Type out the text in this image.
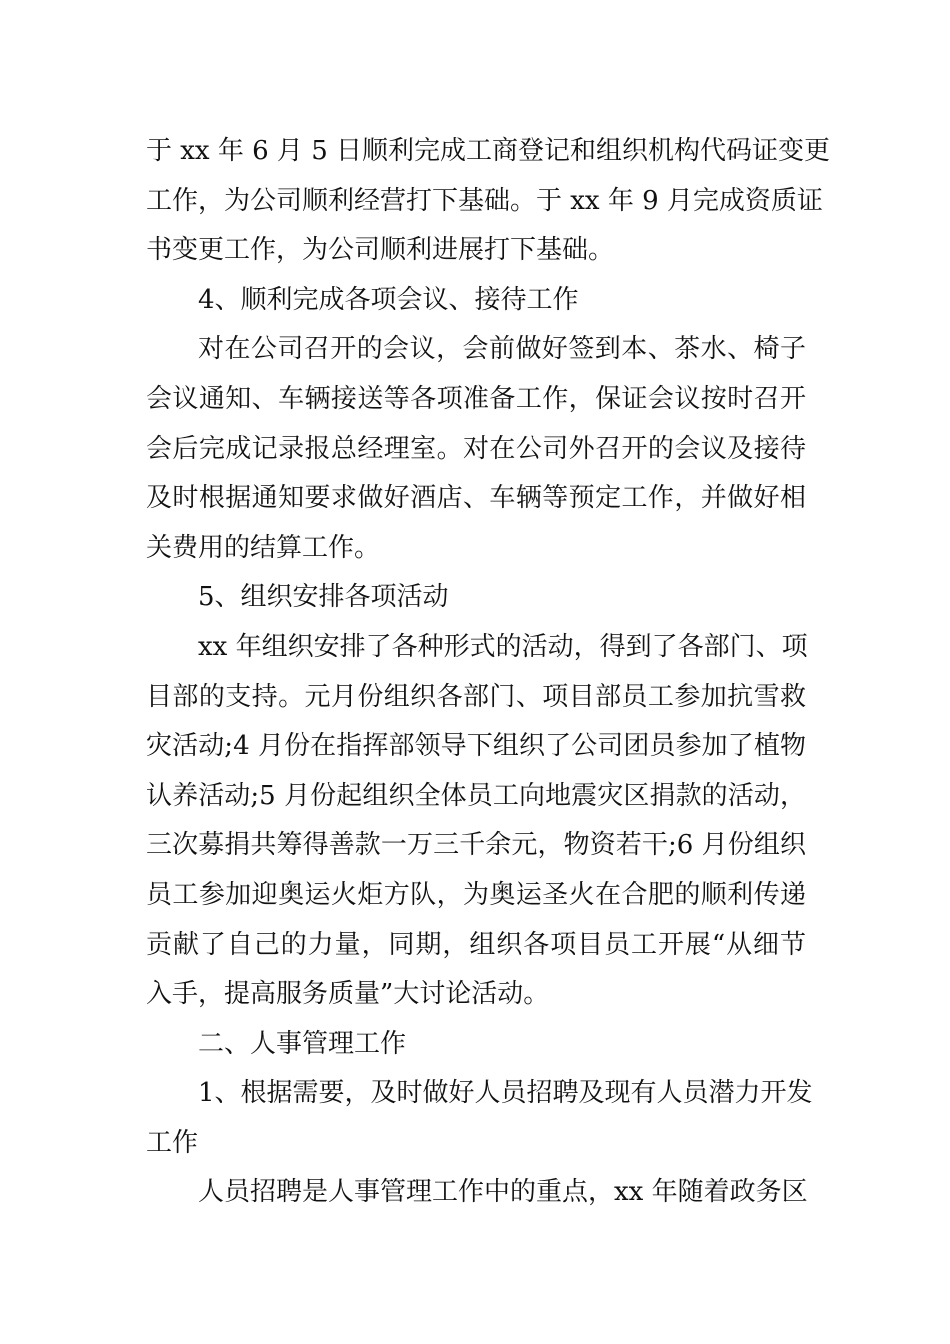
于 xx 年 6 月 5 日顺利完成工商登记和组织机构代码证变更
工作，为公司顺利经营打下基础。于 xx 年 9 月完成资质证
书变更工作，为公司顺利进展打下基础。
4、顺利完成各项会议、接待工作
对在公司召开的会议，会前做好签到本、茶水、椅子
会议通知、车辆接送等各项准备工作，保证会议按时召开
会后完成记录报总经理室。对在公司外召开的会议及接待
及时根据通知要求做好酒店、车辆等预定工作，并做好相
关费用的结算工作。
5、组织安排各项活动
xx 年组织安排了各种形式的活动，得到了各部门、项
目部的支持。元月份组织各部门、项目部员工参加抗雪救
灾活动;4 月份在指挥部领导下组织了公司团员参加了植物
认养活动;5 月份起组织全体员工向地震灾区捐款的活动，
三次募捐共筹得善款一万三千余元，物资若干;6 月份组织
员工参加迎奥运火炬方队，为奥运圣火在合肥的顺利传递
贡献了自己的力量，同期，组织各项目员工开展“从细节
入手，提高服务质量”大讨论活动。
二、人事管理工作
1、根据需要，及时做好人员招聘及现有人员潜力开发
工作
人员招聘是人事管理工作中的重点，xx 年随着政务区
